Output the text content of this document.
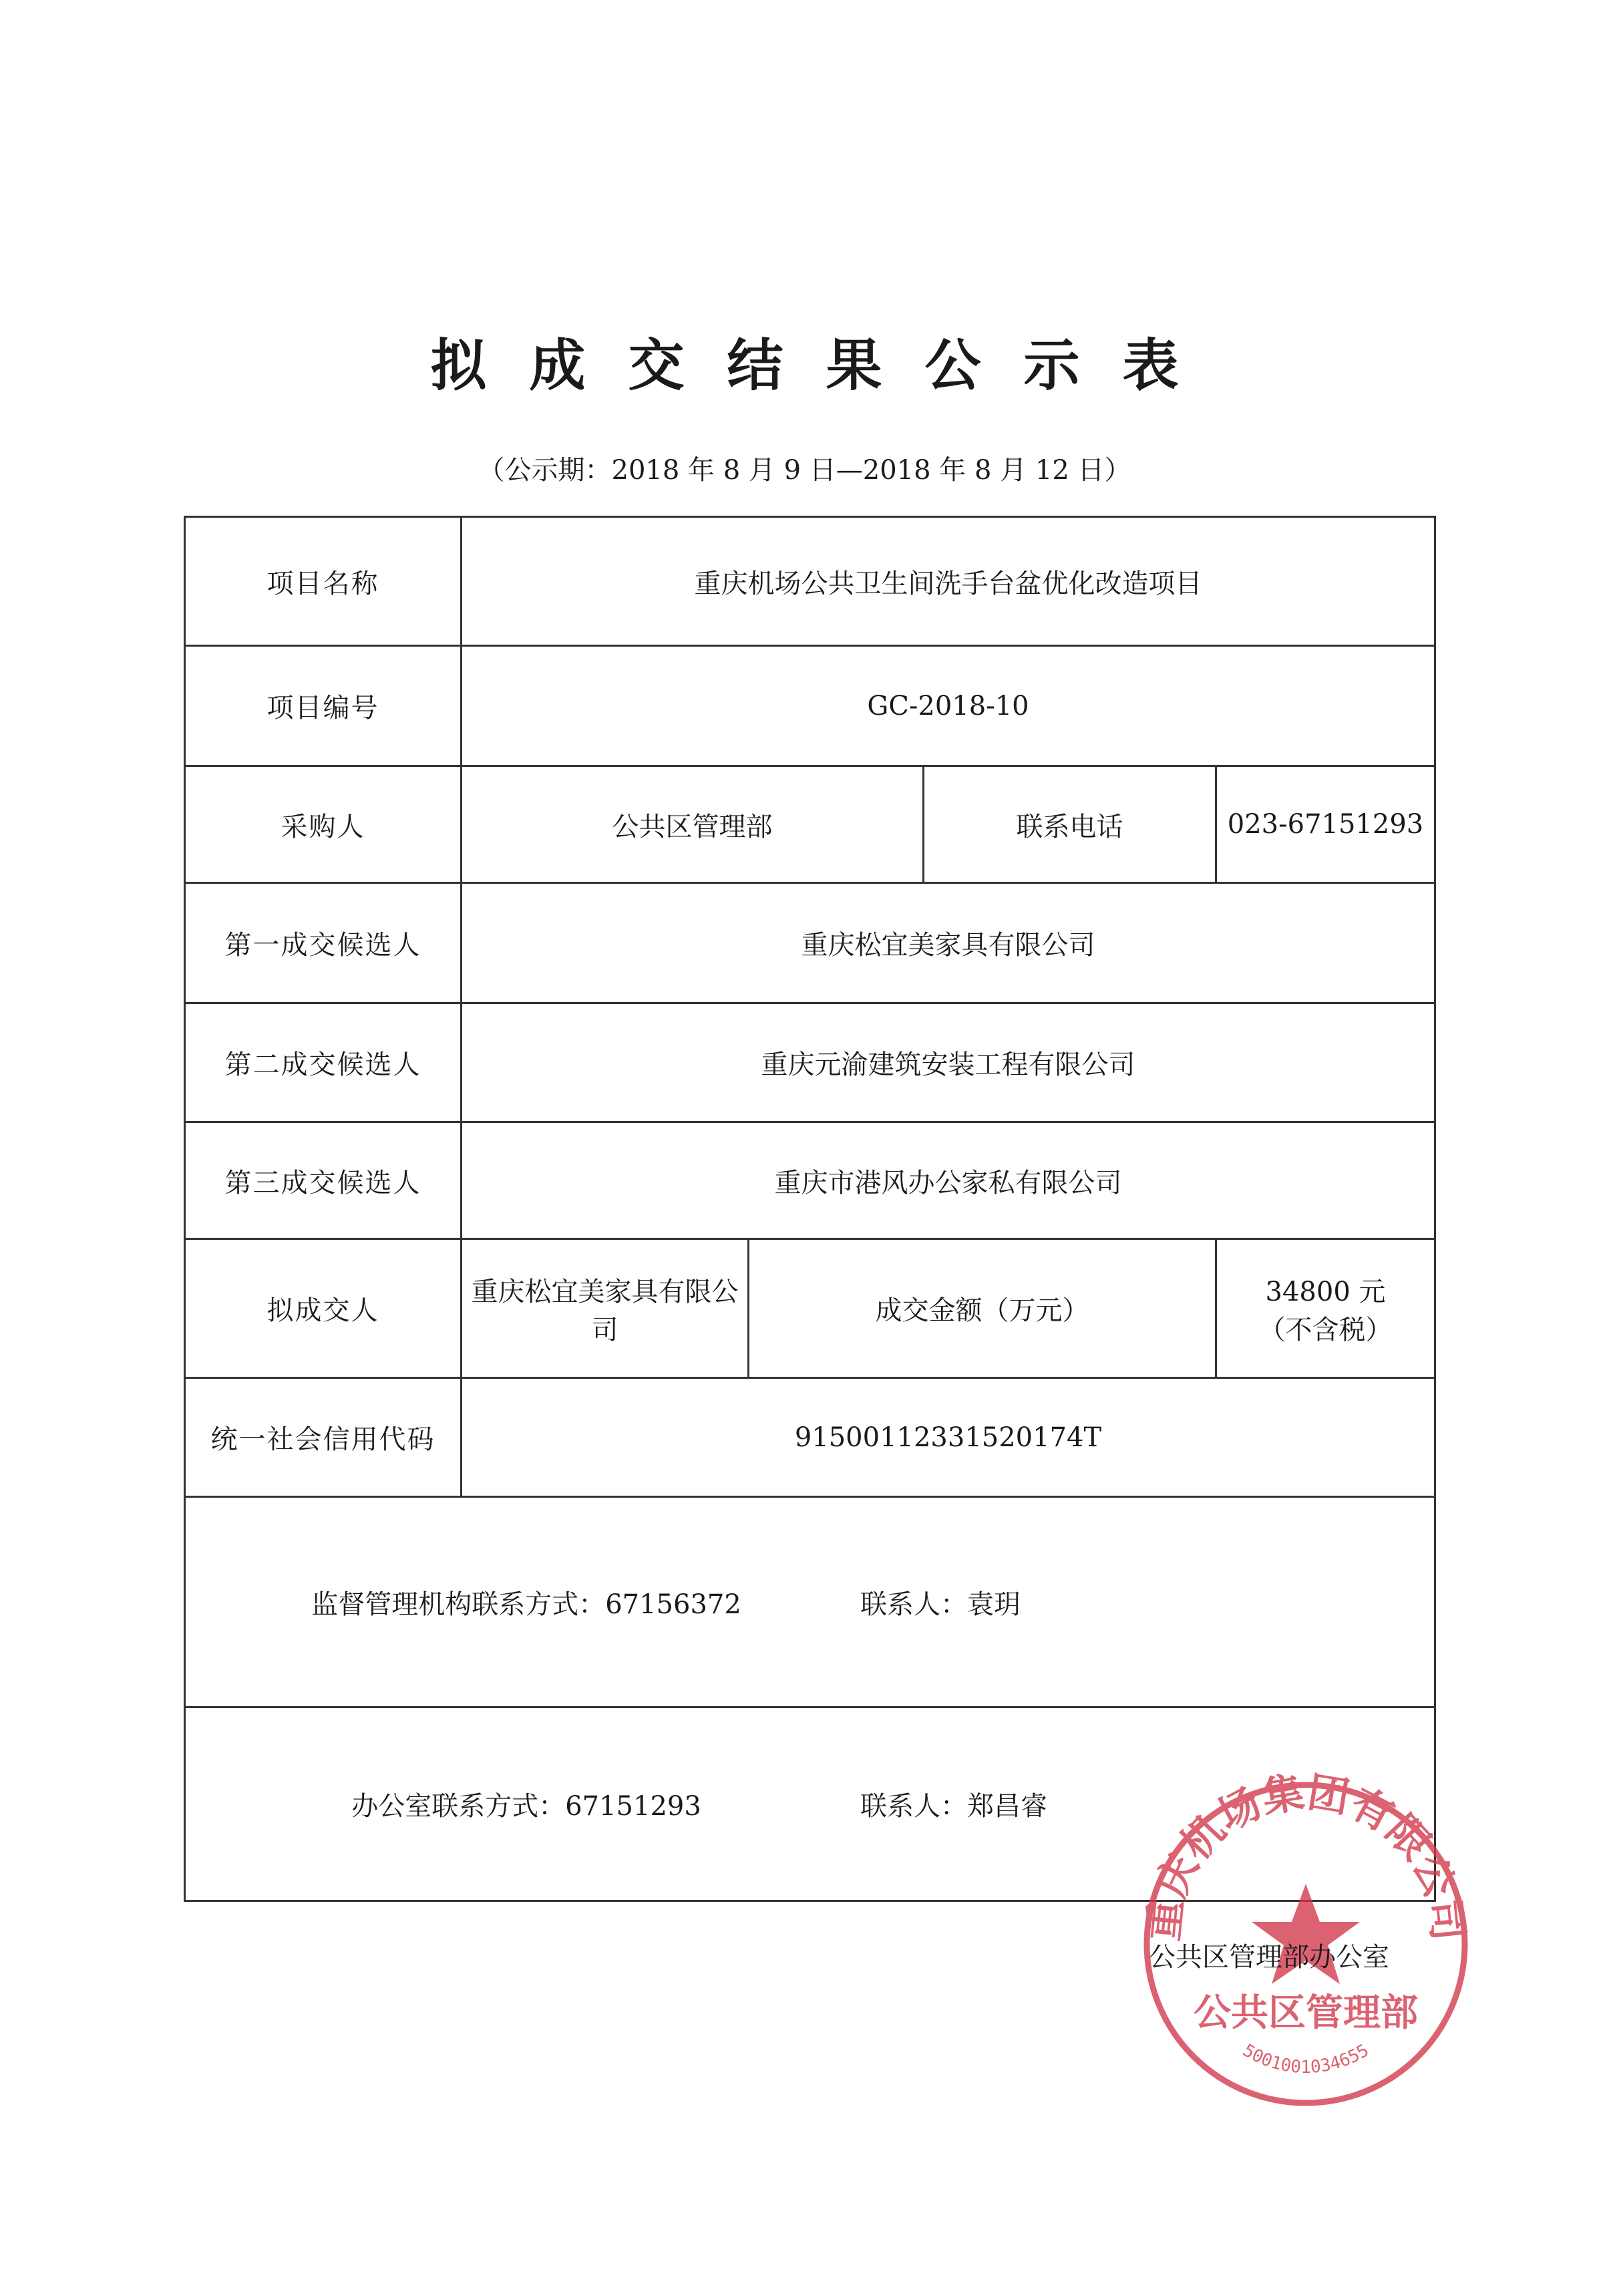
拟成交结果公示表
（公示期：2018 年 8 月 9 日—2018 年 8 月 12 日）
项目名称	重庆机场公共卫生间洗手台盆优化改造项目			
项目编号	GC-2018-10			
采购人	公共区管理部		联系电话	023-67151293
第一成交候选人	重庆松宜美家具有限公司			
第二成交候选人	重庆元渝建筑安装工程有限公司			
第三成交候选人	重庆市港风办公家私有限公司			
拟成交人	重庆松宜美家具有限公司	成交金额（万元）		34800 元
（不含税）

统一社会信用代码	91500112331520174T			

监督管理机构联系方式：67156372 联系人：袁玥				

办公室联系方式：67151293 联系人：郑昌睿				
重庆机场集团有限公司
公共区管理部
5001001034655
公共区管理部办公室
